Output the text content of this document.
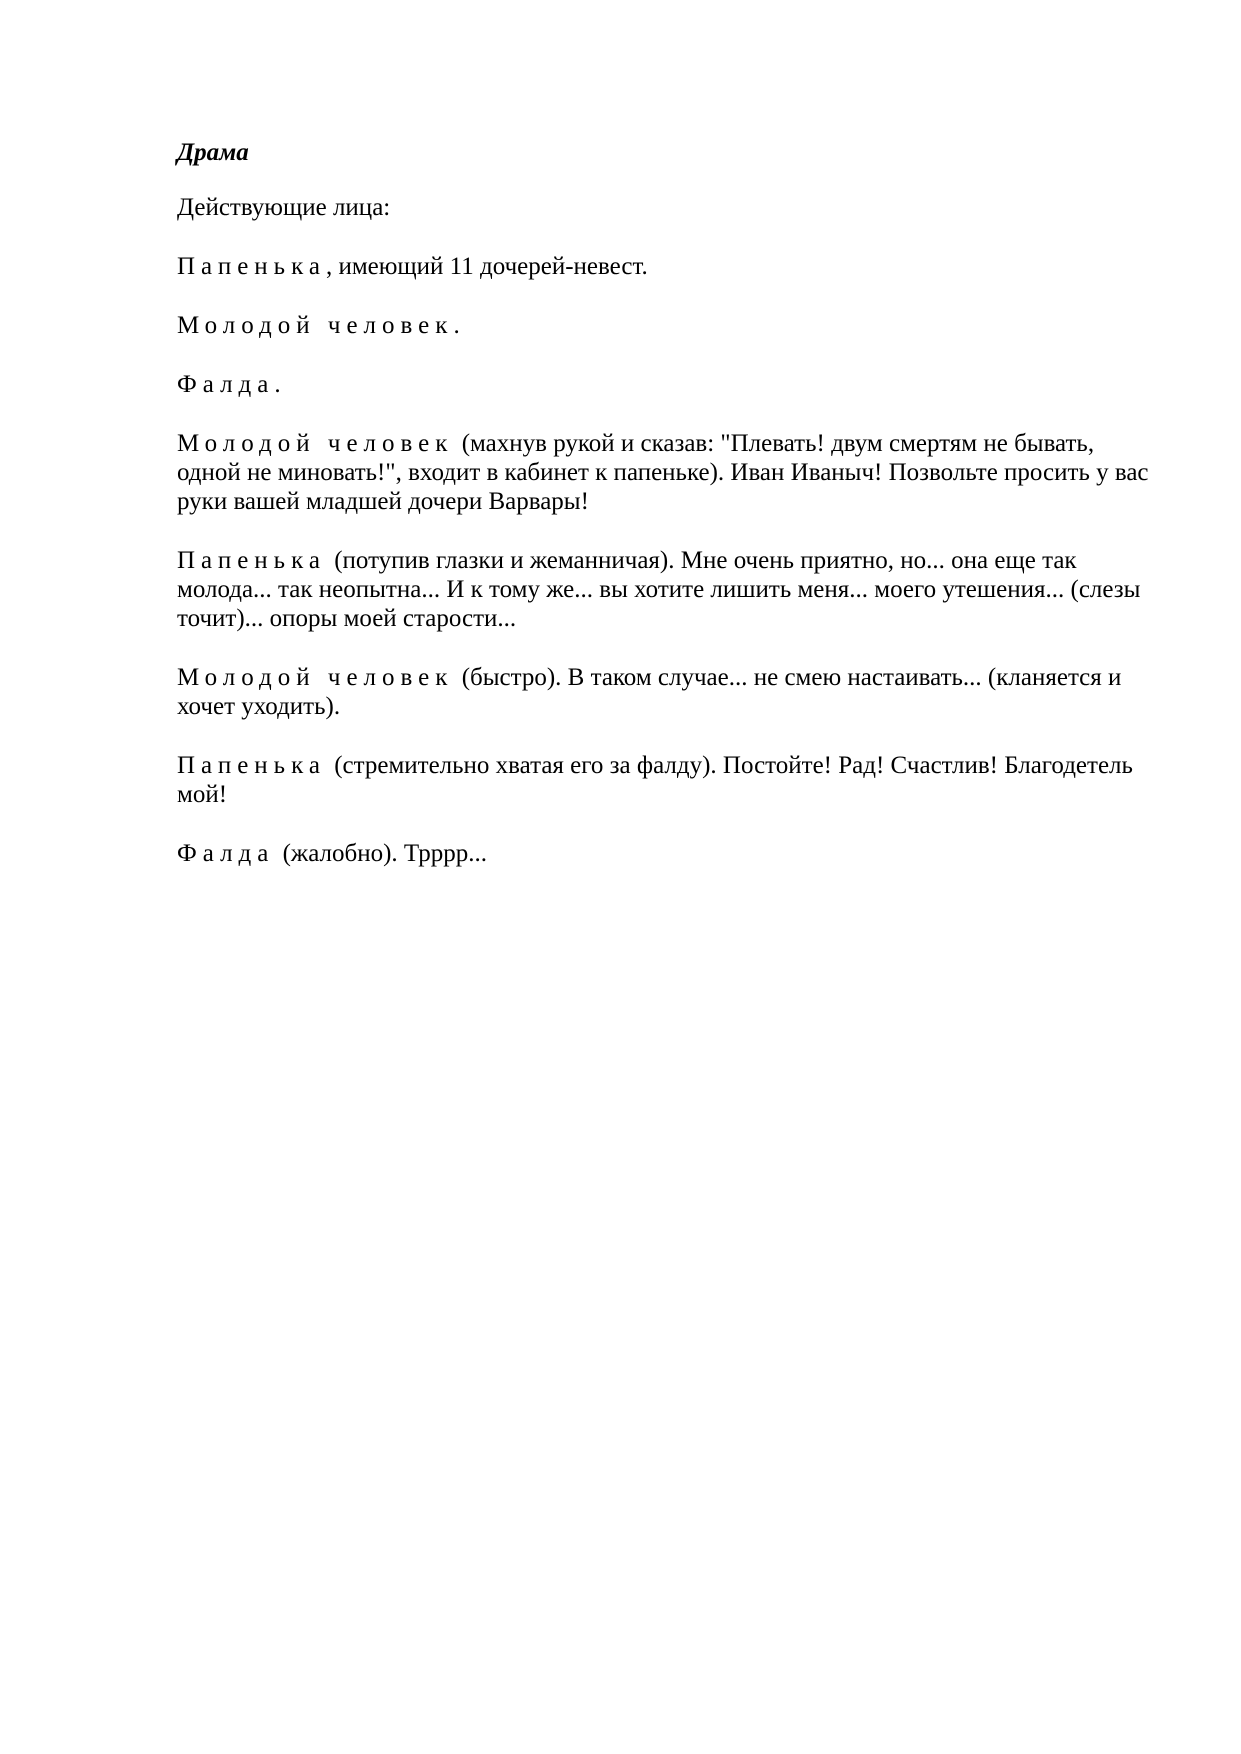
Драма
Действующие лица:
Папенька, имеющий 11 дочерей-невест.
Молодой человек.
Фалда.
Молодой человек (махнув рукой и сказав: "Плевать! двум смертям не бывать, одной не миновать!", входит в кабинет к папеньке). Иван Иваныч! Позвольте просить у вас руки вашей младшей дочери Варвары!
Папенька (потупив глазки и жеманничая). Мне очень приятно, но... она еще так молода... так неопытна... И к тому же... вы хотите лишить меня... моего утешения... (слезы точит)... опоры моей старости...
Молодой человек (быстро). В таком случае... не смею настаивать... (кланяется и хочет уходить).
Папенька (стремительно хватая его за фалду). Постойте! Рад! Счастлив! Благодетель мой!
Фалда (жалобно). Трррр...
